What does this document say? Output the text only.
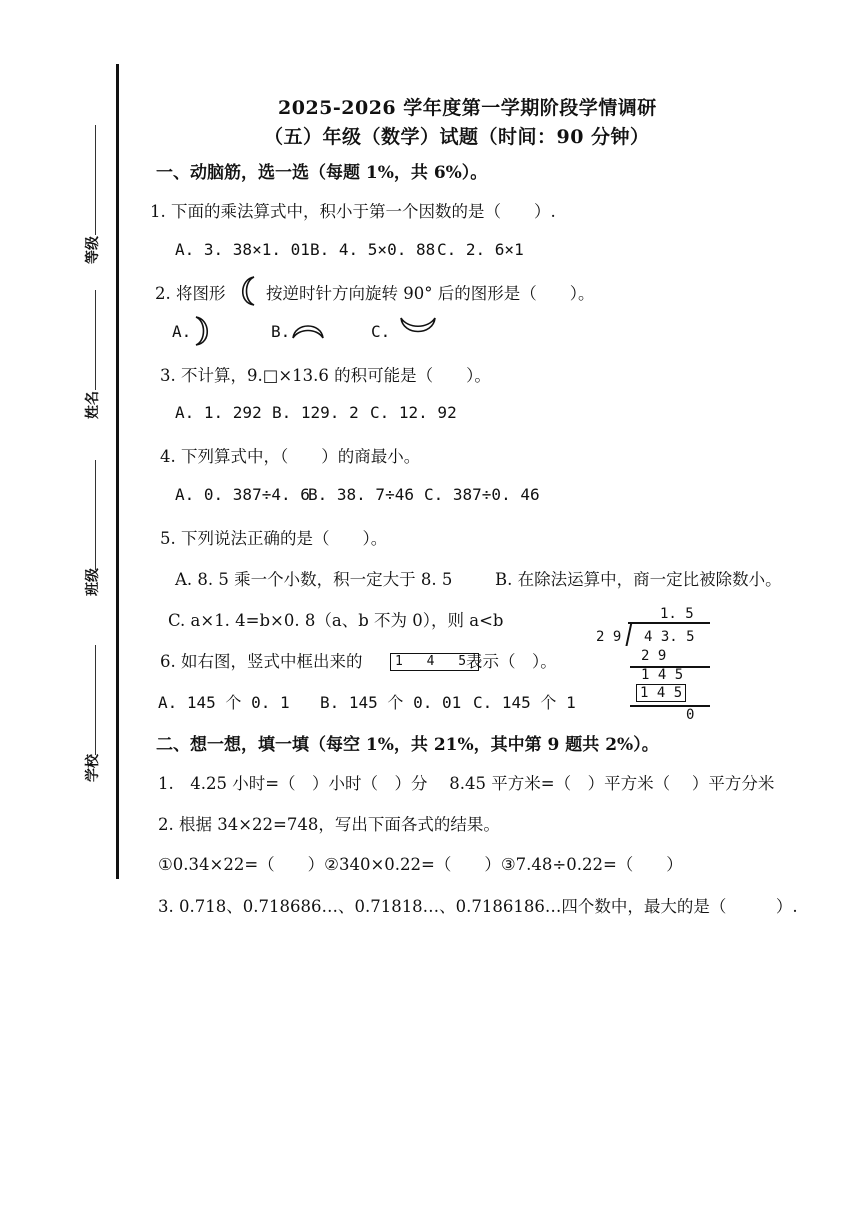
等级
姓名
班级
学校
2025-2026 学年度第一学期阶段学情调研
（五）年级（数学）试题（时间：90 分钟）
一、动脑筋，选一选（每题 1%，共 6%）。
1. 下面的乘法算式中，积小于第一个因数的是（　　）.
A. 3. 38×1. 01 B. 4. 5×0. 88 C. 2. 6×1
2. 将图形 按逆时针方向旋转 90° 后的图形是（　　）。
A.	B.	C.
3. 不计算，9.□×13.6 的积可能是（　　）。
A. 1. 292 B. 129. 2 C. 12. 92
4. 下列算式中，（　　）的商最小。
A. 0. 387÷4. 6
B. 38. 7÷46 C. 387÷0. 46
5. 下列说法正确的是（　　）。
A. 8. 5 乘一个小数，积一定大于 8. 5	B. 在除法运算中，商一定比被除数小。
C. a×1. 4=b×0. 8（a、b 不为 0），则 a<b
6. 如右图，竖式中框出来的	1 4 5
表示（　）。
A. 145 个 0. 1 B. 145 个 0. 01 C. 145 个 1
1. 5
2 9 4 3. 5
2 9
1 4 5
1 4 5
0
二、想一想，填一填（每空 1%，共 21%，其中第 9 题共 2%）。
1.　4.25 小时=（　）小时（　）分　 8.45 平方米=（　）平方米（　 ）平方分米
2. 根据 34×22=748，写出下面各式的结果。
①0.34×22=（　　）②340×0.22=（　　）③7.48÷0.22=（　　）
3. 0.718、0.718686…、0.71818…、0.7186186…四个数中，最大的是（　　　）.
